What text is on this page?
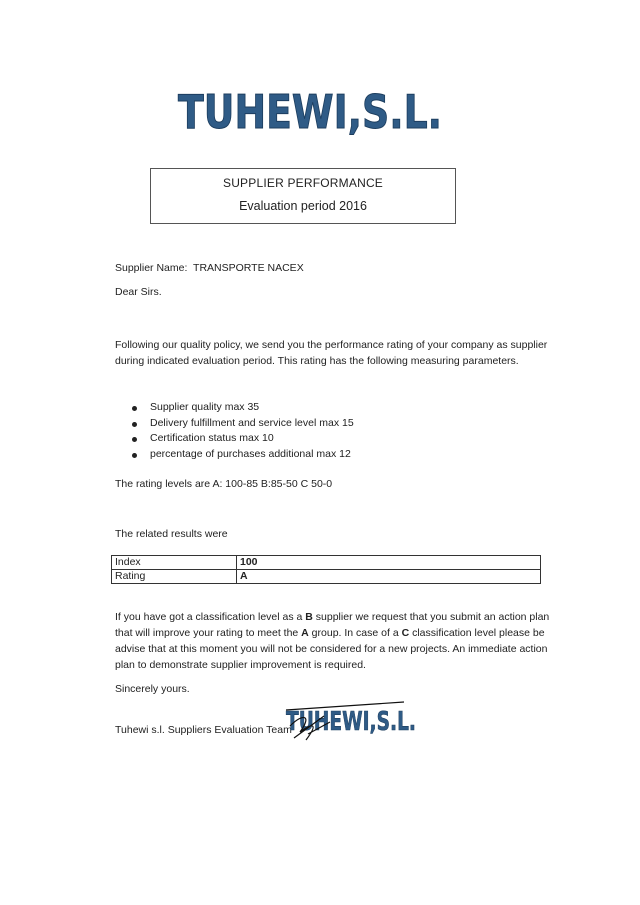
TUHEWI,S.L.
SUPPLIER PERFORMANCE
Evaluation period 2016
Supplier Name: TRANSPORTE NACEX
Dear Sirs.
Following our quality policy, we send you the performance rating of your company as supplier during indicated evaluation period. This rating has the following measuring parameters.
Supplier quality max 35
Delivery fulfillment and service level max 15
Certification status max 10
percentage of purchases additional max 12
The rating levels are A: 100-85 B:85-50 C 50-0
The related results were
Index	100
Rating	A
If you have got a classification level as a B supplier we request that you submit an action plan that will improve your rating to meet the A group. In case of a C classification level please be advise that at this moment you will not be considered for a new projects. An immediate action plan to demonstrate supplier improvement is required.
Sincerely yours.
Tuhewi s.l. Suppliers Evaluation Team
TUHEWI,S.L.
